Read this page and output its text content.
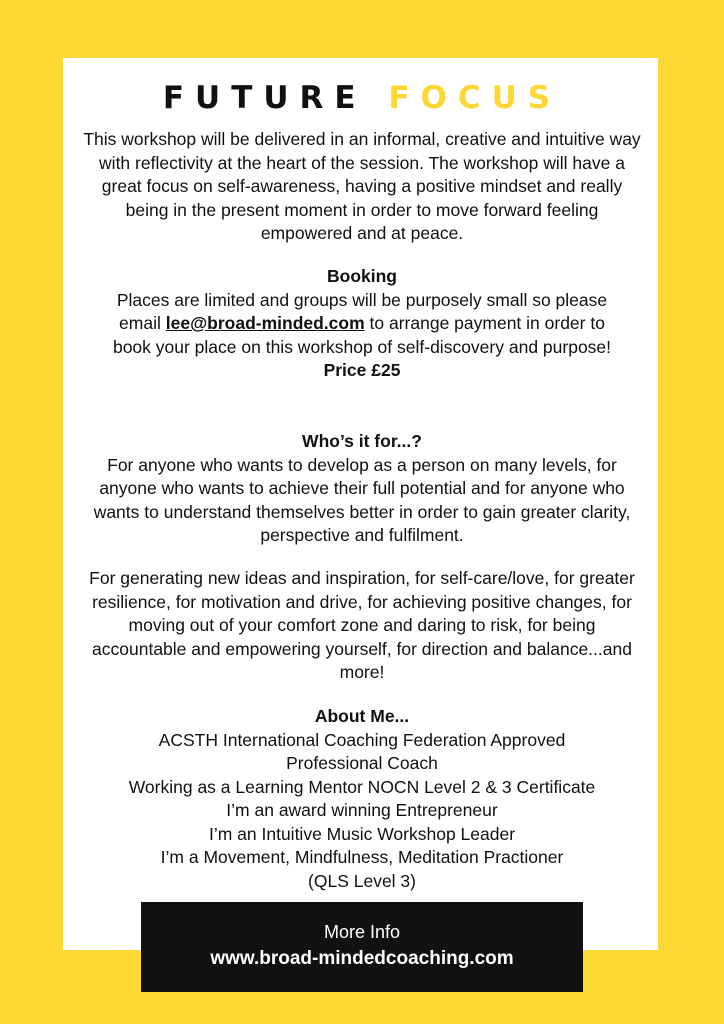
FUTURE FOCUS

This workshop will be delivered in an informal, creative and intuitive way with reflectivity at the heart of the session. The workshop will have a great focus on self-awareness, having a positive mindset and really being in the present moment in order to move forward feeling empowered and at peace.

Booking

Places are limited and groups will be purposely small so please email lee@broad-minded.com to arrange payment in order to book your place on this workshop of self-discovery and purpose!

Price £25

Who’s it for...?

For anyone who wants to develop as a person on many levels, for anyone who wants to achieve their full potential and for anyone who wants to understand themselves better in order to gain greater clarity, perspective and fulfilment.

For generating new ideas and inspiration, for self-care/love, for greater resilience, for motivation and drive, for achieving positive changes, for moving out of your comfort zone and daring to risk, for being accountable and empowering yourself, for direction and balance...and more!

About Me...

ACSTH International Coaching Federation Approved
Professional Coach
Working as a Learning Mentor NOCN Level 2 & 3 Certificate
I’m an award winning Entrepreneur
I’m an Intuitive Music Workshop Leader
I’m a Movement, Mindfulness, Meditation Practioner
(QLS Level 3)
More Info
www.broad-mindedcoaching.com
